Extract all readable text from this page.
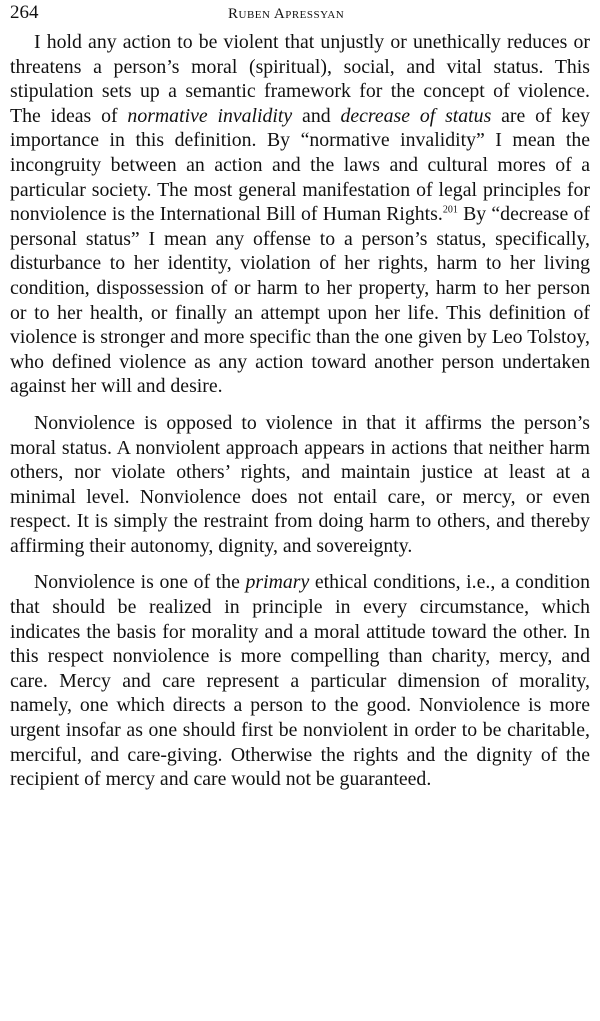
264	Ruben Apressyan

I hold any action to be violent that unjustly or unethically reduces or threatens a person’s moral (spiritual), social, and vital status. This stipulation sets up a semantic framework for the concept of violence. The ideas of normative invalidity and decrease of status are of key importance in this definition. By “normative invalidity” I mean the incongruity between an action and the laws and cultural mores of a particular society. The most general manifestation of legal principles for nonviolence is the International Bill of Human Rights.$^{201}$ By “decrease of personal status” I mean any offense to a person’s status, specifically, disturbance to her identity, violation of her rights, harm to her living condition, dispossession of or harm to her property, harm to her person or to her health, or finally an attempt upon her life. This definition of violence is stronger and more specific than the one given by Leo Tolstoy, who defined violence as any action toward another person undertaken against her will and desire.

Nonviolence is opposed to violence in that it affirms the person’s moral status. A nonviolent approach appears in actions that neither harm others, nor violate others’ rights, and maintain justice at least at a minimal level. Nonviolence does not entail care, or mercy, or even respect. It is simply the restraint from doing harm to others, and thereby affirming their autonomy, dignity, and sovereignty.

Nonviolence is one of the primary ethical conditions, i.e., a condition that should be realized in principle in every circumstance, which indicates the basis for morality and a moral attitude toward the other. In this respect nonviolence is more compelling than charity, mercy, and care. Mercy and care represent a particular dimension of morality, namely, one which directs a person to the good. Nonviolence is more urgent insofar as one should first be nonviolent in order to be charitable, merciful, and care-giving. Otherwise the rights and the dignity of the recipient of mercy and care would not be guaranteed.
